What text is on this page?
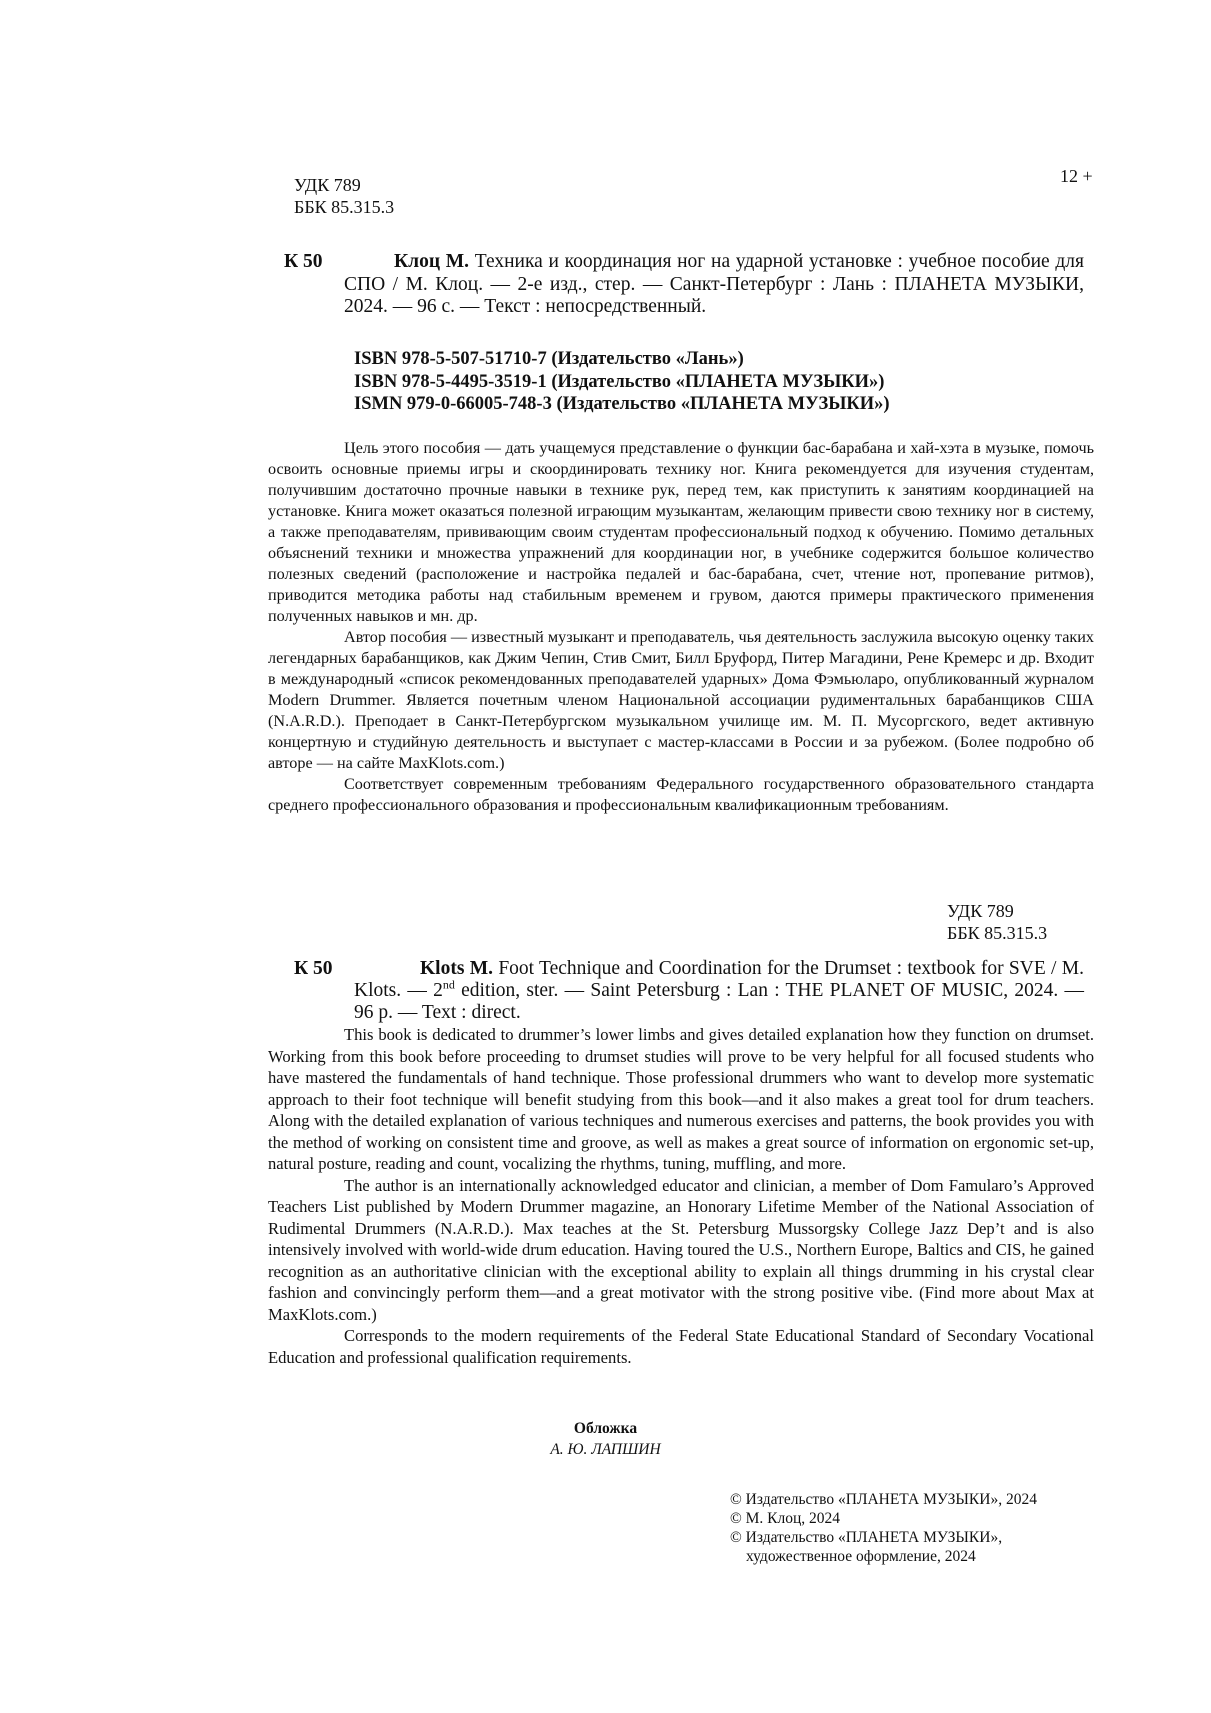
УДК 789
ББК 85.315.3
12 +
К 50	Клоц М. Техника и координация ног на ударной установке : учебное пособие для СПО / М. Клоц. — 2-е изд., стер. — Санкт-Петербург : Лань : ПЛАНЕТА МУЗЫКИ, 2024. — 96 с. — Текст : непосредственный.
ISBN 978-5-507-51710-7 (Издательство «Лань»)
ISBN 978-5-4495-3519-1 (Издательство «ПЛАНЕТА МУЗЫКИ»)
ISMN 979-0-66005-748-3 (Издательство «ПЛАНЕТА МУЗЫКИ»)

Цель этого пособия — дать учащемуся представление о функции бас-барабана и хай-хэта в музыке, помочь освоить основные приемы игры и скоординировать технику ног. Книга рекомендуется для изучения студентам, получившим достаточно прочные навыки в технике рук, перед тем, как приступить к занятиям координацией на установке. Книга может оказаться полезной играющим музыкантам, желающим привести свою технику ног в систему, а также преподавателям, прививающим своим студентам профессиональный подход к обучению. Помимо детальных объяснений техники и множества упражнений для координации ног, в учебнике содержится большое количество полезных сведений (расположение и настройка педалей и бас-барабана, счет, чтение нот, пропевание ритмов), приводится методика работы над стабильным временем и грувом, даются примеры практического применения полученных навыков и мн. др.

Автор пособия — известный музыкант и преподаватель, чья деятельность заслужила высокую оценку таких легендарных барабанщиков, как Джим Чепин, Стив Смит, Билл Бруфорд, Питер Магадини, Рене Кремерс и др. Входит в международный «список рекомендованных преподавателей ударных» Дома Фэмьюларо, опубликованный журналом Modern Drummer. Является почетным членом Национальной ассоциации рудиментальных барабанщиков США (N.A.R.D.). Преподает в Санкт-Петербургском музыкальном училище им. М. П. Мусоргского, ведет активную концертную и студийную деятельность и выступает с мастер-классами в России и за рубежом. (Более подробно об авторе — на сайте MaxKlots.com.)

Соответствует современным требованиям Федерального государственного образовательного стандарта среднего профессионального образования и профессиональным квалификационным требованиям.

УДК 789
ББК 85.315.3
К 50	Klots M. Foot Technique and Coordination for the Drumset : textbook for SVE / M. Klots. — 2nd edition, ster. — Saint Petersburg : Lan : THE PLANET OF MUSIC, 2024. — 96 p. — Text : direct.

This book is dedicated to drummer’s lower limbs and gives detailed explanation how they function on drumset. Working from this book before proceeding to drumset studies will prove to be very helpful for all focused students who have mastered the fundamentals of hand technique. Those professional drummers who want to develop more systematic approach to their foot technique will benefit studying from this book—and it also makes a great tool for drum teachers. Along with the detailed explanation of various techniques and numerous exercises and patterns, the book provides you with the method of working on consistent time and groove, as well as makes a great source of information on ergonomic set-up, natural posture, reading and count, vocalizing the rhythms, tuning, muffling, and more.

The author is an internationally acknowledged educator and clinician, a member of Dom Famularo’s Approved Teachers List published by Modern Drummer magazine, an Honorary Lifetime Member of the National Association of Rudimental Drummers (N.A.R.D.). Max teaches at the St. Petersburg Mussorgsky College Jazz Dep’t and is also intensively involved with world-wide drum education. Having toured the U.S., Northern Europe, Baltics and CIS, he gained recognition as an authoritative clinician with the exceptional ability to explain all things drumming in his crystal clear fashion and convincingly perform them—and a great motivator with the strong positive vibe. (Find more about Max at MaxKlots.com.)

Corresponds to the modern requirements of the Federal State Educational Standard of Secondary Vocational Education and professional qualification requirements.

Обложка
А. Ю. ЛАПШИН
© Издательство «ПЛАНЕТА МУЗЫКИ», 2024
© М. Клоц, 2024
© Издательство «ПЛАНЕТА МУЗЫКИ»,
художественное оформление, 2024
